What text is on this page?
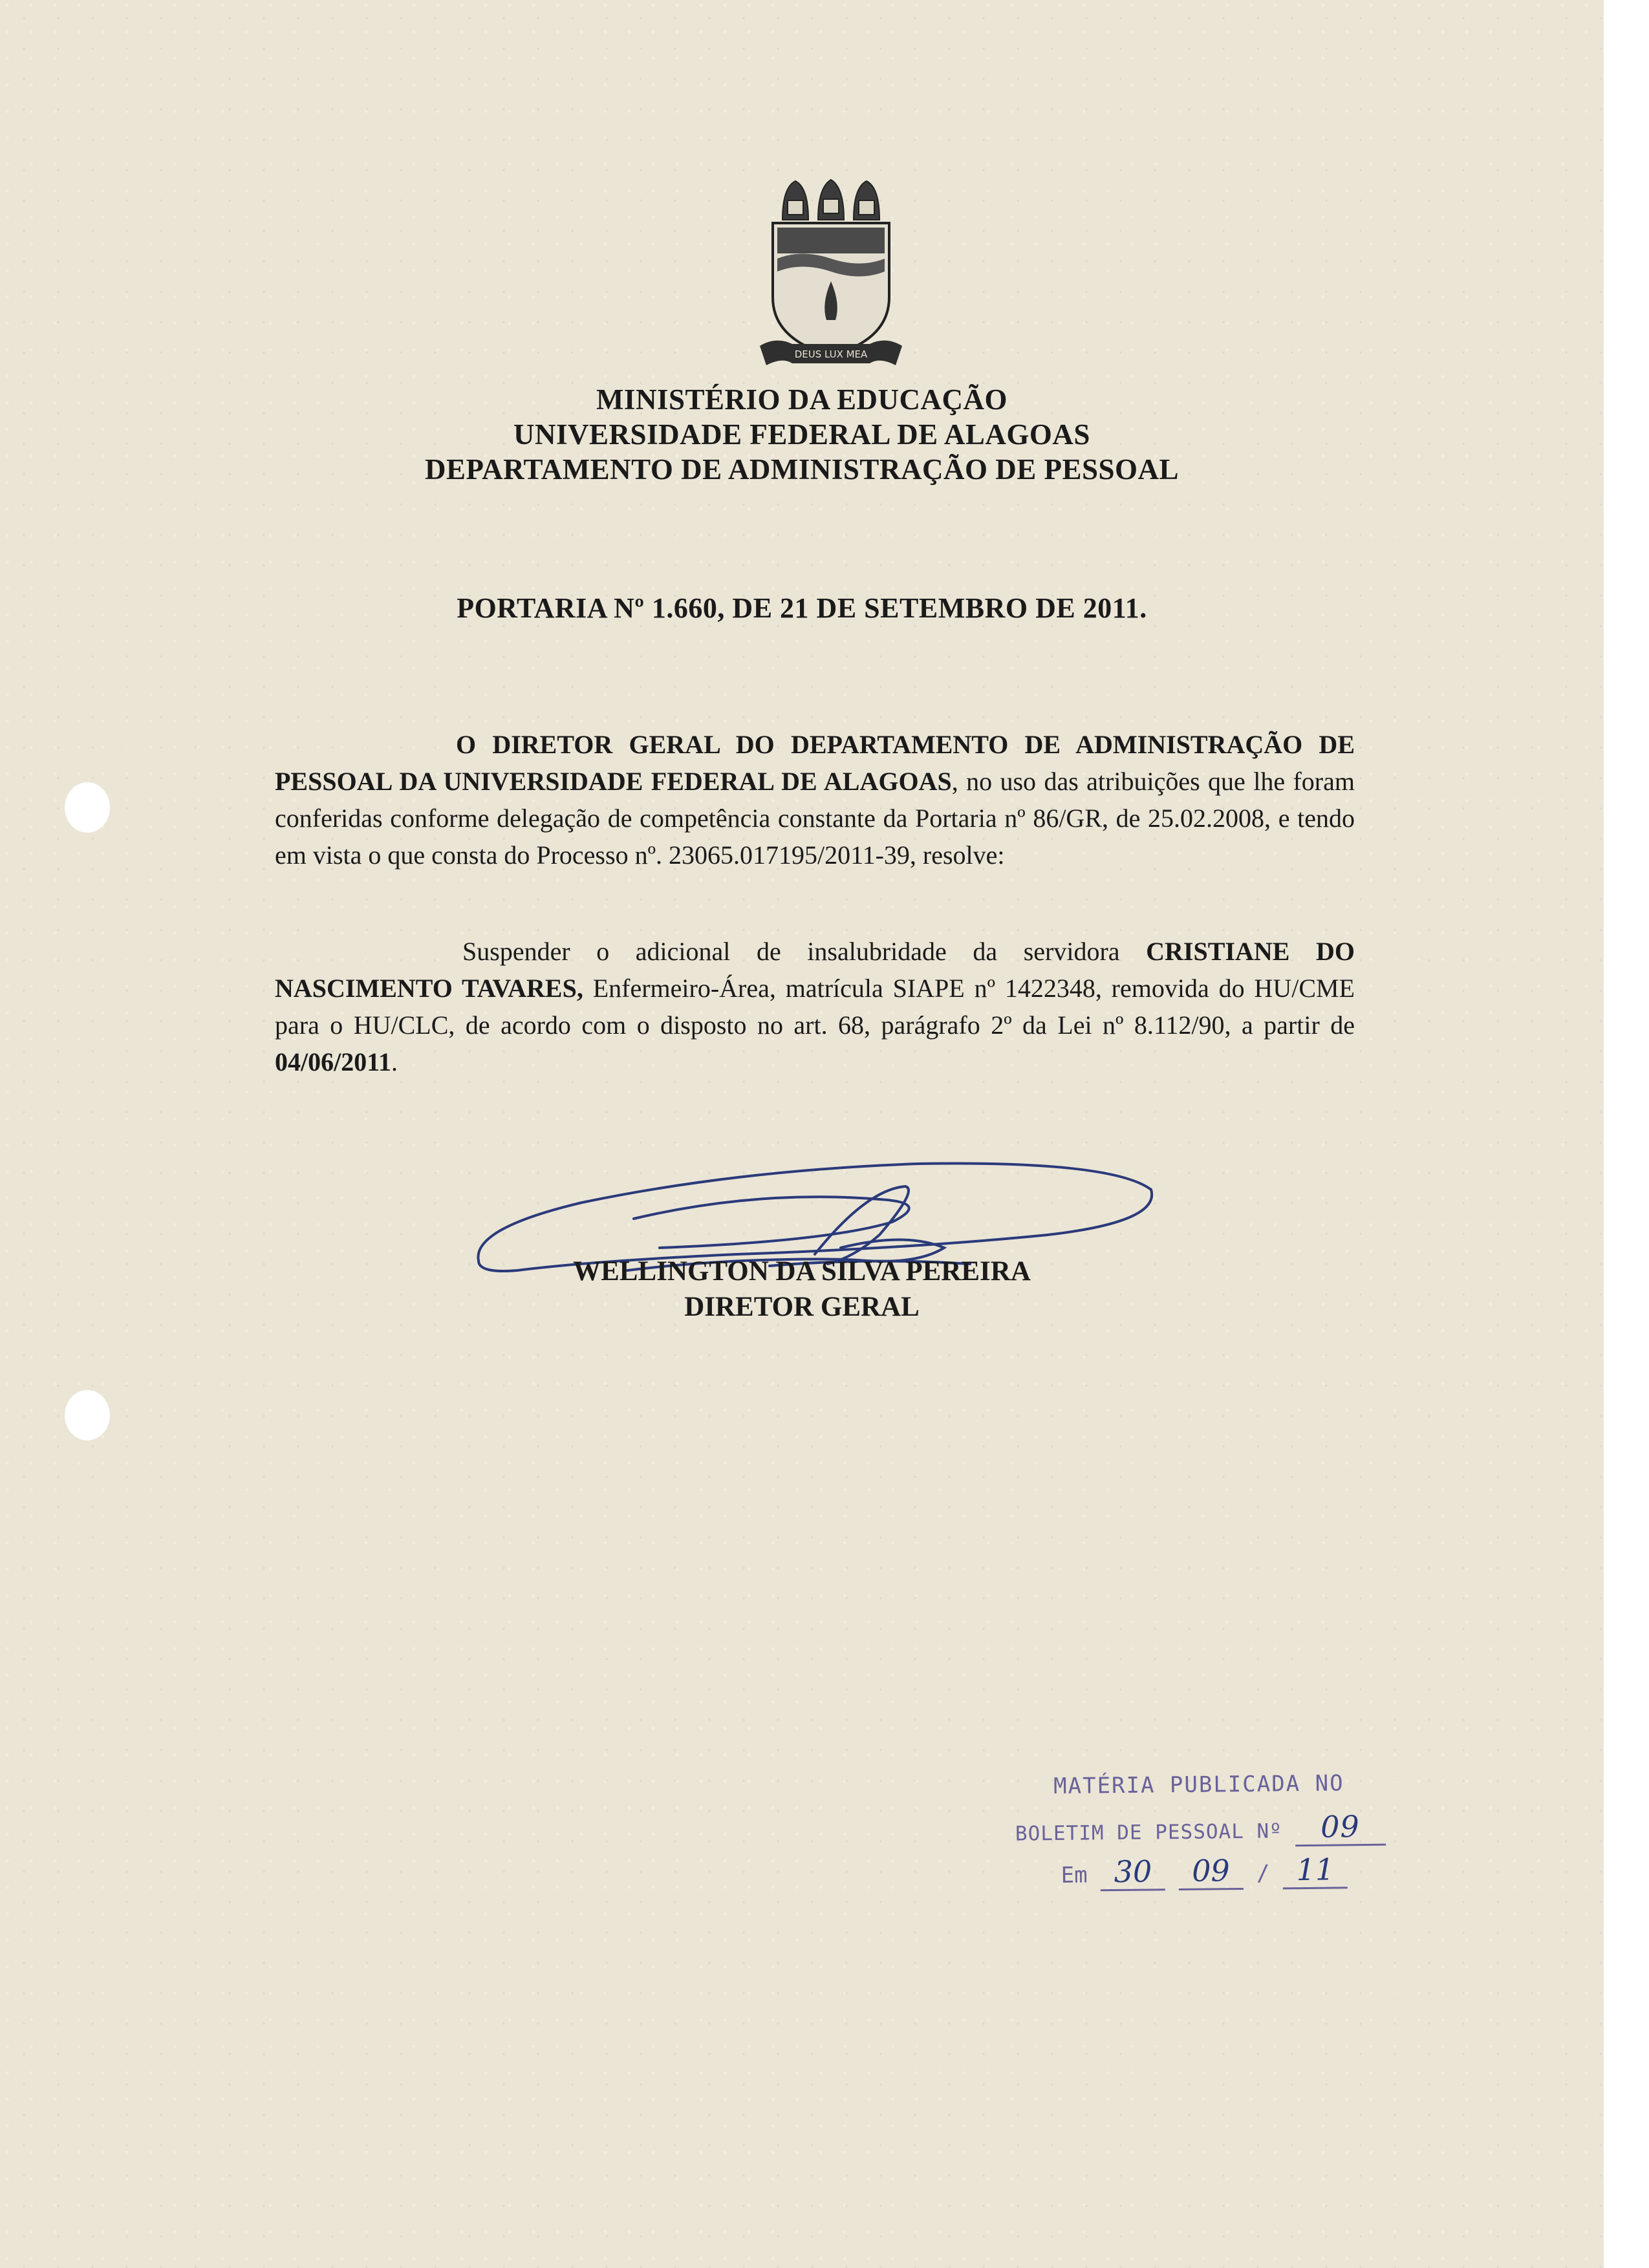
DEUS LUX MEA
MINISTÉRIO DA EDUCAÇÃO
UNIVERSIDADE FEDERAL DE ALAGOAS
DEPARTAMENTO DE ADMINISTRAÇÃO DE PESSOAL
PORTARIA Nº 1.660, DE 21 DE SETEMBRO DE 2011.
O DIRETOR GERAL DO DEPARTAMENTO DE ADMINISTRAÇÃO DE PESSOAL DA UNIVERSIDADE FEDERAL DE ALAGOAS, no uso das atribuições que lhe foram conferidas conforme delegação de competência constante da Portaria nº 86/GR, de 25.02.2008, e tendo em vista o que consta do Processo nº. 23065.017195/2011-39, resolve:
Suspender o adicional de insalubridade da servidora CRISTIANE DO NASCIMENTO TAVARES, Enfermeiro-Área, matrícula SIAPE nº 1422348, removida do HU/CME para o HU/CLC, de acordo com o disposto no art. 68, parágrafo 2º da Lei nº 8.112/90, a partir de 04/06/2011.
WELLINGTON DA SILVA PEREIRA
DIRETOR GERAL
MATÉRIA PUBLICADA NO
BOLETIM DE PESSOAL Nº 09
Em 30 09 / 11
